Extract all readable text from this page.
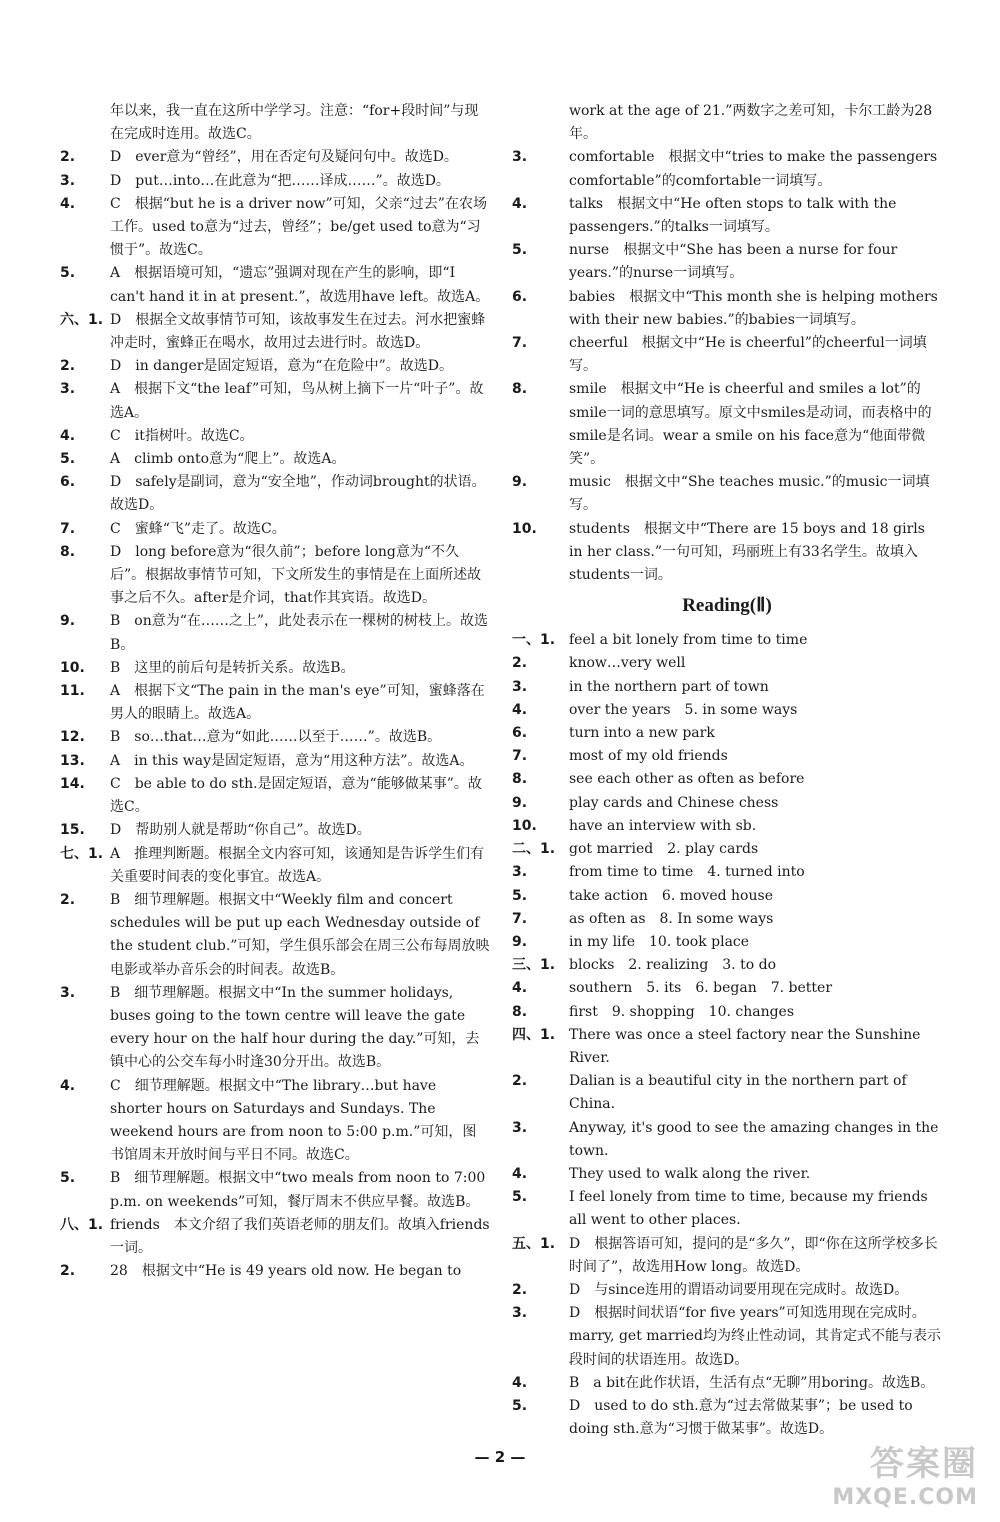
年以来，我一直在这所中学学习。注意：“for+段时间”与现在完成时连用。故选C。
2. D　ever意为“曾经”，用在否定句及疑问句中。故选D。
3. D　put…into…在此意为“把……译成……”。故选D。
4. C　根据“but he is a driver now”可知，父亲“过去”在农场工作。used to意为“过去，曾经”；be/get used to意为“习惯于”。故选C。
5. A　根据语境可知，“遗忘”强调对现在产生的影响，即“I can't hand it in at present.”，故选用have left。故选A。
六、1. D　根据全文故事情节可知，该故事发生在过去。河水把蜜蜂冲走时，蜜蜂正在喝水，故用过去进行时。故选D。
2. D　in danger是固定短语，意为“在危险中”。故选D。
3. A　根据下文“the leaf”可知，鸟从树上摘下一片“叶子”。故选A。
4. C　it指树叶。故选C。
5. A　climb onto意为“爬上”。故选A。
6. D　safely是副词，意为“安全地”，作动词brought的状语。故选D。
7. C　蜜蜂“飞”走了。故选C。
8. D　long before意为“很久前”；before long意为“不久后”。根据故事情节可知，下文所发生的事情是在上面所述故事之后不久。after是介词，that作其宾语。故选D。
9. B　on意为“在……之上”，此处表示在一棵树的树枝上。故选B。
10. B　这里的前后句是转折关系。故选B。
11. A　根据下文“The pain in the man's eye”可知，蜜蜂落在男人的眼睛上。故选A。
12. B　so…that…意为“如此……以至于……”。故选B。
13. A　in this way是固定短语，意为“用这种方法”。故选A。
14. C　be able to do sth.是固定短语，意为“能够做某事”。故选C。
15. D　帮助别人就是帮助“你自己”。故选D。
七、1. A　推理判断题。根据全文内容可知，该通知是告诉学生们有关重要时间表的变化事宜。故选A。
2. B　细节理解题。根据文中“Weekly film and concert schedules will be put up each Wednesday outside of the student club.”可知，学生俱乐部会在周三公布每周放映电影或举办音乐会的时间表。故选B。
3. B　细节理解题。根据文中“In the summer holidays, buses going to the town centre will leave the gate every hour on the half hour during the day.”可知，去镇中心的公交车每小时逢30分开出。故选B。
4. C　细节理解题。根据文中“The library…but have shorter hours on Saturdays and Sundays. The weekend hours are from noon to 5:00 p.m.”可知，图书馆周末开放时间与平日不同。故选C。
5. B　细节理解题。根据文中“two meals from noon to 7:00 p.m. on weekends”可知，餐厅周末不供应早餐。故选B。
八、1. friends　本文介绍了我们英语老师的朋友们。故填入friends一词。
2. 28　根据文中“He is 49 years old now. He began to
work at the age of 21.”两数字之差可知，卡尔工龄为28年。
3.	comfortable　根据文中“tries to make the passengers comfortable”的comfortable一词填写。
4.	talks　根据文中“He often stops to talk with the passengers.”的talks一词填写。
5.	nurse　根据文中“She has been a nurse for four years.”的nurse一词填写。
6.	babies　根据文中“This month she is helping mothers with their new babies.”的babies一词填写。
7.	cheerful　根据文中“He is cheerful”的cheerful一词填写。
8.	smile　根据文中“He is cheerful and smiles a lot”的smile一词的意思填写。原文中smiles是动词，而表格中的smile是名词。wear a smile on his face意为“他面带微笑”。
9.	music　根据文中“She teaches music.”的music一词填写。
10. students　根据文中“There are 15 boys and 18 girls in her class.”一句可知，玛丽班上有33名学生。故填入students一词。
Reading(Ⅱ)
一、1. feel a bit lonely from time to time
2.	know…very well
3.	in the northern part of town
4.	over the years　5. in some ways
6.	turn into a new park
7.	most of my old friends
8.	see each other as often as before
9.	play cards and Chinese chess
10. have an interview with sb.
二、1. got married　2. play cards
3.	from time to time　4. turned into
5.	take action　6. moved house
7.	as often as　8. In some ways
9.	in my life　10. took place
三、1. blocks　2. realizing　3. to do
4.	southern　5. its　6. began　7. better
8.	first　9. shopping　10. changes
四、1. There was once a steel factory near the Sunshine River.
2.	Dalian is a beautiful city in the northern part of China.
3.	Anyway, it's good to see the amazing changes in the town.
4.	They used to walk along the river.
5.	I feel lonely from time to time, because my friends all went to other places.
五、1. D　根据答语可知，提问的是“多久”，即“你在这所学校多长时间了”，故选用How long。故选D。
2.	D　与since连用的谓语动词要用现在完成时。故选D。
3.	D　根据时间状语“for five years”可知选用现在完成时。marry, get married均为终止性动词，其肯定式不能与表示段时间的状语连用。故选D。
4.	B　a bit在此作状语，生活有点“无聊”用boring。故选B。
5.	D　used to do sth.意为“过去常做某事”；be used to doing sth.意为“习惯于做某事”。故选D。
— 2 —	答案圈
MXQE.COM
